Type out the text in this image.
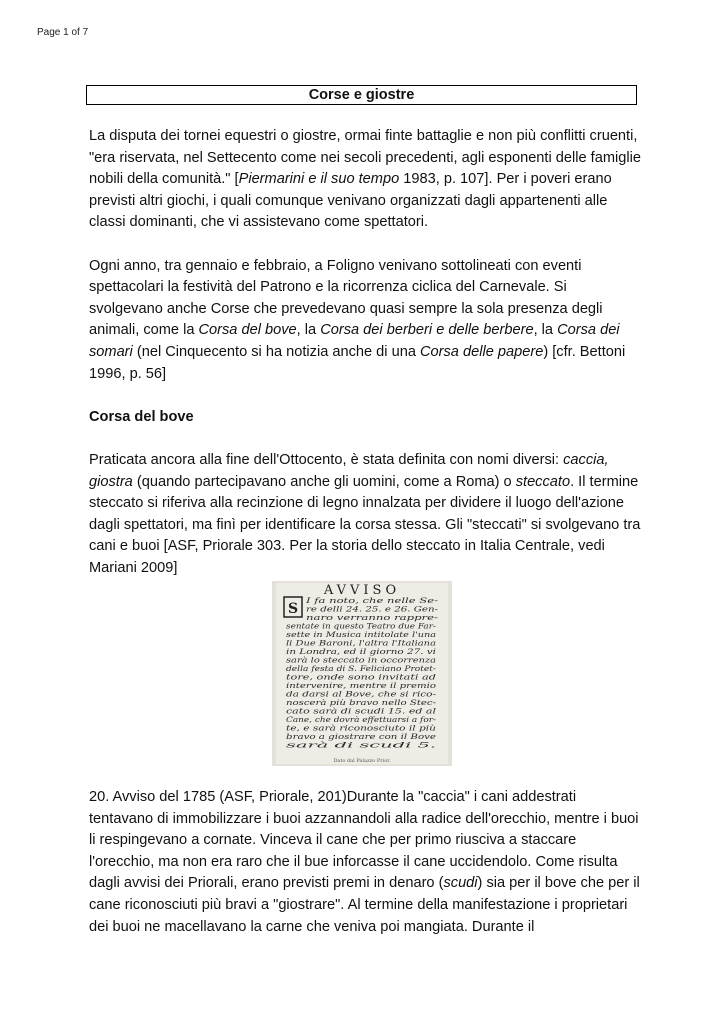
Page 1 of 7
Corse e giostre

La disputa dei tornei equestri o giostre, ormai finte battaglie e non più conflitti cruenti, "era riservata, nel Settecento come nei secoli precedenti, agli esponenti delle famiglie nobili della comunità." [Piermarini e il suo tempo 1983, p. 107]. Per i poveri erano previsti altri giochi, i quali comunque venivano organizzati dagli appartenenti alle classi dominanti, che vi assistevano come spettatori.

Ogni anno, tra gennaio e febbraio, a Foligno venivano sottolineati con eventi spettacolari la festività del Patrono e la ricorrenza ciclica del Carnevale. Si svolgevano anche Corse che prevedevano quasi sempre la sola presenza degli animali, come la Corsa del bove, la Corsa dei berberi e delle berbere, la Corsa dei somari (nel Cinquecento si ha notizia anche di una Corsa delle papere) [cfr. Bettoni 1996, p. 56]

Corsa del bove

Praticata ancora alla fine dell'Ottocento, è stata definita con nomi diversi: caccia, giostra (quando partecipavano anche gli uomini, come a Roma) o steccato. Il termine steccato si riferiva alla recinzione di legno innalzata per dividere il luogo dell'azione dagli spettatori, ma finì per identificare la corsa stessa. Gli "steccati" si svolgevano tra cani e buoi [ASF, Priorale 303. Per la storia dello steccato in Italia Centrale, vedi Mariani 2009]

AVVISO
S
I fa noto, che nelle Se-
re delli 24. 25. e 26. Gen-
naro verranno rappre-
sentate in questo Teatro due Far-
sette in Musica intitolate l'una
li Due Baroni, l'altra l'Italiana
in Londra, ed il giorno 27. vi
sarà lo steccato in occorrenza
della festa di S. Feliciano Protet-
tore, onde sono invitati ad
intervenire, mentre il premio
da darsi al Bove, che si rico-
noscerà più bravo nello Stec-
cato sarà di scudi 15. ed al
Cane, che dovrà effettuarsi a for-
te, e sarà riconosciuto il più
bravo a giostrare con il Bove
sarà di scudi 5.
Dato dal Palazzo Prior.

20. Avviso del 1785 (ASF, Priorale, 201)Durante la "caccia" i cani addestrati tentavano di immobilizzare i buoi azzannandoli alla radice dell'orecchio, mentre i buoi li respingevano a cornate. Vinceva il cane che per primo riusciva a staccare l'orecchio, ma non era raro che il bue inforcasse il cane uccidendolo. Come risulta dagli avvisi dei Priorali, erano previsti premi in denaro (scudi) sia per il bove che per il cane riconosciuti più bravi a "giostrare". Al termine della manifestazione i proprietari dei buoi ne macellavano la carne che veniva poi mangiata. Durante il
